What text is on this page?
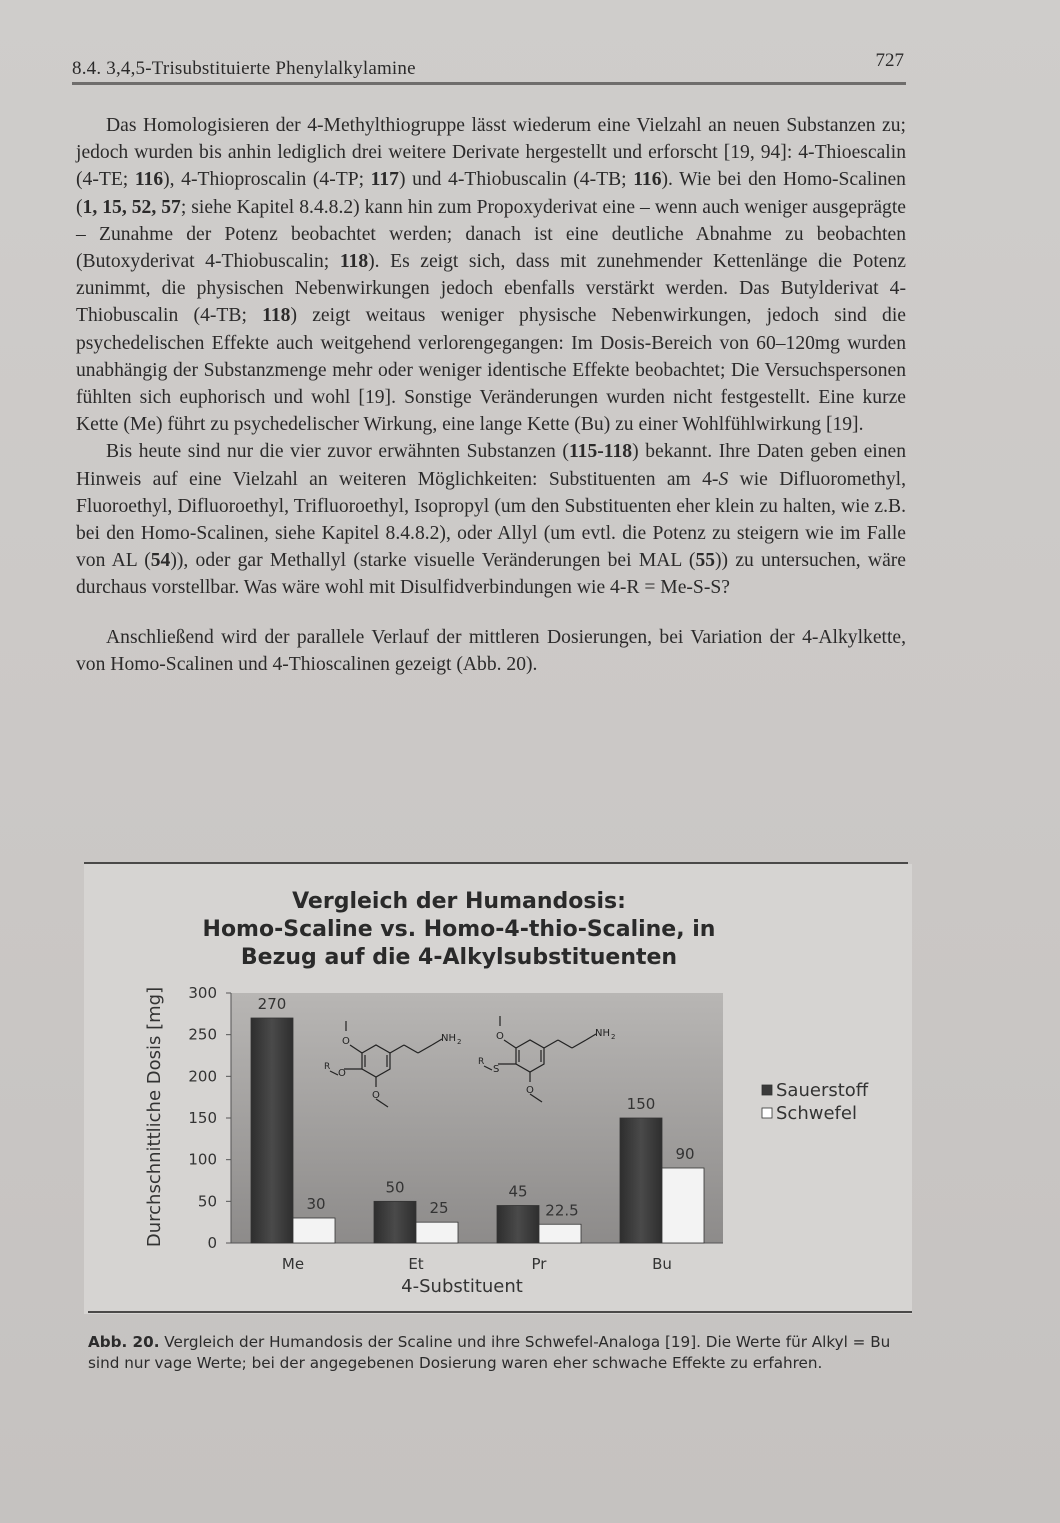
8.4. 3,4,5-Trisubstituierte Phenylalkylamine	727

Das Homologisieren der 4-Methylthiogruppe lässt wiederum eine Vielzahl an neuen Substanzen zu; jedoch wurden bis anhin lediglich drei weitere Derivate hergestellt und erforscht [19, 94]: 4-Thioescalin (4-TE; 116), 4-Thioproscalin (4-TP; 117) und 4-Thiobuscalin (4-TB; 116). Wie bei den Homo-Scalinen (1, 15, 52, 57; siehe Kapitel 8.4.8.2) kann hin zum Propoxyderivat eine – wenn auch weniger ausgeprägte – Zunahme der Potenz beobachtet werden; danach ist eine deutliche Abnahme zu beobachten (Butoxyderivat 4-Thiobuscalin; 118). Es zeigt sich, dass mit zunehmender Kettenlänge die Potenz zunimmt, die physischen Nebenwirkungen jedoch ebenfalls verstärkt werden. Das Butylderivat 4-Thiobuscalin (4-TB; 118) zeigt weitaus weniger physische Nebenwirkungen, jedoch sind die psychedelischen Effekte auch weitgehend verlorengegangen: Im Dosis-Bereich von 60–120mg wurden unabhängig der Substanzmenge mehr oder weniger identische Effekte beobachtet; Die Versuchspersonen fühlten sich euphorisch und wohl [19]. Sonstige Veränderungen wurden nicht festgestellt. Eine kurze Kette (Me) führt zu psychedelischer Wirkung, eine lange Kette (Bu) zu einer Wohlfühlwirkung [19].

Bis heute sind nur die vier zuvor erwähnten Substanzen (115-118) bekannt. Ihre Daten geben einen Hinweis auf eine Vielzahl an weiteren Möglichkeiten: Substituenten am 4-S wie Difluoromethyl, Fluoroethyl, Difluoroethyl, Trifluoroethyl, Isopropyl (um den Substituenten eher klein zu halten, wie z.B. bei den Homo-Scalinen, siehe Kapitel 8.4.8.2), oder Allyl (um evtl. die Potenz zu steigern wie im Falle von AL (54)), oder gar Methallyl (starke visuelle Veränderungen bei MAL (55)) zu untersuchen, wäre durchaus vorstellbar. Was wäre wohl mit Disulfidverbindungen wie 4-R = Me-S-S?

Anschließend wird der parallele Verlauf der mittleren Dosierungen, bei Variation der 4-Alkylkette, von Homo-Scalinen und 4-Thioscalinen gezeigt (Abb. 20).

Vergleich der Humandosis:
Homo-Scaline vs. Homo-4-thio-Scaline, in
Bezug auf die 4-Alkylsubstituenten
0
50
100
150
200
250
300
270
30
Me
50
25
Et
45
22.5
Pr
150
90
Bu
O
O
R
O
NH 2	O
S
R
O
NH 2
Durchschnittliche Dosis [mg]
4-Substituent
Sauerstoff
Schwefel
Abb. 20. Vergleich der Humandosis der Scaline und ihre Schwefel-Analoga [19]. Die Werte für Alkyl = Bu sind nur vage Werte; bei der angegebenen Dosierung waren eher schwache Effekte zu erfahren.
